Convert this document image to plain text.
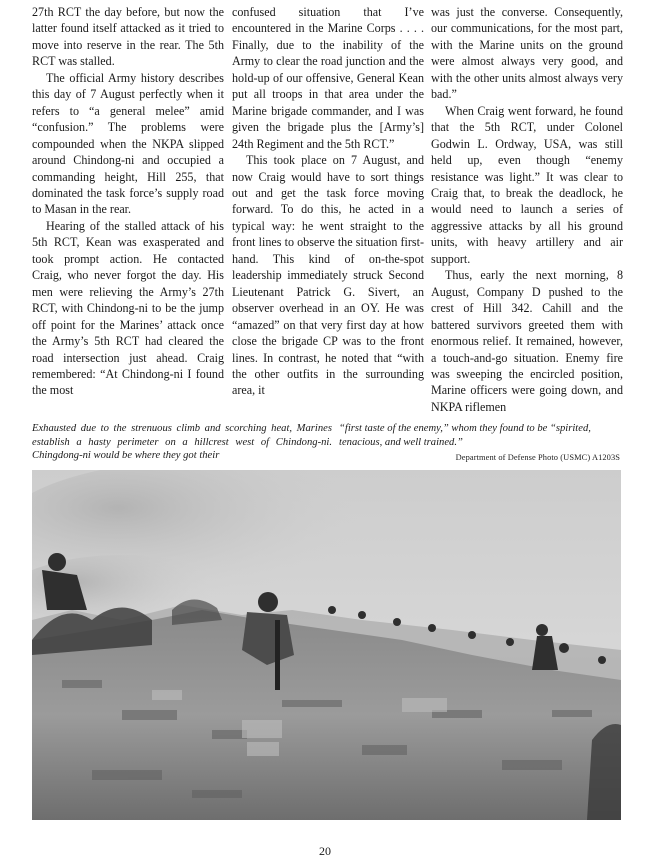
27th RCT the day before, but now the latter found itself attacked as it tried to move into reserve in the rear. The 5th RCT was stalled.

The official Army history describes this day of 7 August perfectly when it refers to “a general melee” amid “confusion.” The problems were compounded when the NKPA slipped around Chindong-ni and occupied a commanding height, Hill 255, that dominated the task force’s supply road to Masan in the rear.

Hearing of the stalled attack of his 5th RCT, Kean was exasperated and took prompt action. He contacted Craig, who never forgot the day. His men were relieving the Army’s 27th RCT, with Chindong-ni to be the jump off point for the Marines’ attack once the Army’s 5th RCT had cleared the road intersection just ahead. Craig remembered: “At Chindong-ni I found the most

confused situation that I’ve encountered in the Marine Corps . . . . Finally, due to the inability of the Army to clear the road junction and the hold-up of our offensive, General Kean put all troops in that area under the Marine brigade commander, and I was given the brigade plus the [Army’s] 24th Regiment and the 5th RCT.”

This took place on 7 August, and now Craig would have to sort things out and get the task force moving forward. To do this, he acted in a typical way: he went straight to the front lines to observe the situation first-hand. This kind of on-the-spot leadership immediately struck Second Lieutenant Patrick G. Sivert, an observer overhead in an OY. He was “amazed” on that very first day at how close the brigade CP was to the front lines. In contrast, he noted that “with the other outfits in the surrounding area, it

was just the converse. Consequently, our communications, for the most part, with the Marine units on the ground were almost always very good, and with the other units almost always very bad.”

When Craig went forward, he found that the 5th RCT, under Colonel Godwin L. Ordway, USA, was still held up, even though “enemy resistance was light.” It was clear to Craig that, to break the deadlock, he would need to launch a series of aggressive attacks by all his ground units, with heavy artillery and air support.

Thus, early the next morning, 8 August, Company D pushed to the crest of Hill 342. Cahill and the battered survivors greeted them with enormous relief. It remained, however, a touch-and-go situation. Enemy fire was sweeping the encircled position, Marine officers were going down, and NKPA riflemen

Exhausted due to the strenuous climb and scorching heat, Marines establish a hasty perimeter on a hillcrest west of Chindong-ni. Chingdong-ni would be where they got their
“first taste of the enemy,” whom they found to be “spirited, tenacious, and well trained.”
Department of Defense Photo (USMC) A1203S
20
